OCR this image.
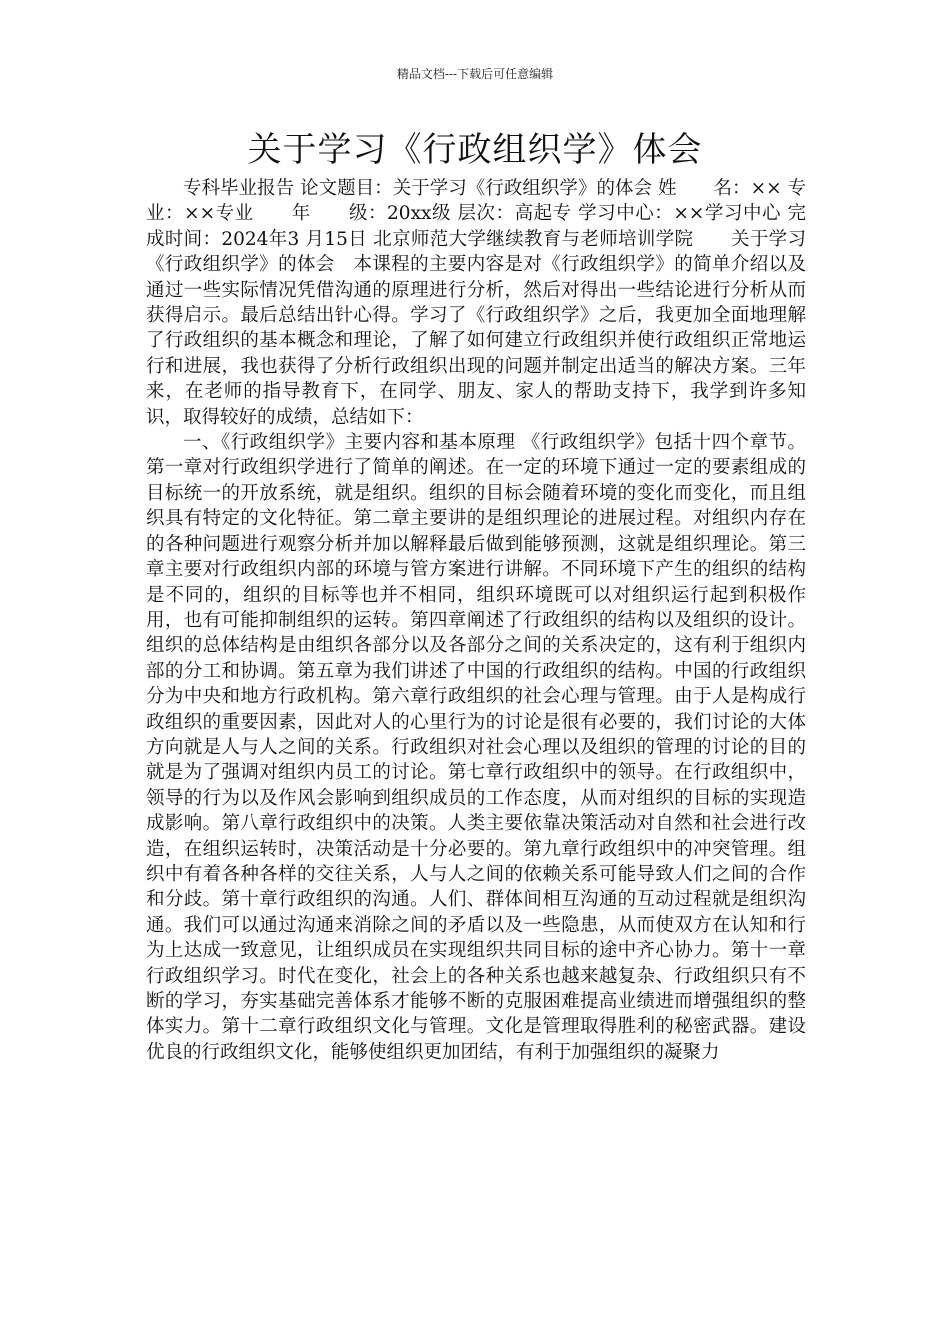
精品文档---下载后可任意编辑
关于学习《行政组织学》体会

专科毕业报告 论文题目：关于学习《行政组织学》的体会 姓　　名：×× 专　　业：××专业　　年　　级：20xx级 层次：高起专 学习中心：××学习中心 完成时间：2024年3 月15日 北京师范大学继续教育与老师培训学院　　关于学习《行政组织学》的体会　本课程的主要内容是对《行政组织学》的简单介绍以及通过一些实际情况凭借沟通的原理进行分析，然后对得出一些结论进行分析从而获得启示。最后总结出针心得。学习了《行政组织学》之后，我更加全面地理解了行政组织的基本概念和理论，了解了如何建立行政组织并使行政组织正常地运行和进展，我也获得了分析行政组织出现的问题并制定出适当的解决方案。三年来，在老师的指导教育下，在同学、朋友、家人的帮助支持下，我学到许多知识，取得较好的成绩，总结如下：

一、《行政组织学》主要内容和基本原理 《行政组织学》包括十四个章节。第一章对行政组织学进行了简单的阐述。在一定的环境下通过一定的要素组成的目标统一的开放系统，就是组织。组织的目标会随着环境的变化而变化，而且组织具有特定的文化特征。第二章主要讲的是组织理论的进展过程。对组织内存在的各种问题进行观察分析并加以解释最后做到能够预测，这就是组织理论。第三章主要对行政组织内部的环境与管方案进行讲解。不同环境下产生的组织的结构是不同的，组织的目标等也并不相同，组织环境既可以对组织运行起到积极作用，也有可能抑制组织的运转。第四章阐述了行政组织的结构以及组织的设计。组织的总体结构是由组织各部分以及各部分之间的关系决定的，这有利于组织内部的分工和协调。第五章为我们讲述了中国的行政组织的结构。中国的行政组织分为中央和地方行政机构。第六章行政组织的社会心理与管理。由于人是构成行政组织的重要因素，因此对人的心里行为的讨论是很有必要的，我们讨论的大体方向就是人与人之间的关系。行政组织对社会心理以及组织的管理的讨论的目的就是为了强调对组织内员工的讨论。第七章行政组织中的领导。在行政组织中，领导的行为以及作风会影响到组织成员的工作态度，从而对组织的目标的实现造成影响。第八章行政组织中的决策。人类主要依靠决策活动对自然和社会进行改造，在组织运转时，决策活动是十分必要的。第九章行政组织中的冲突管理。组织中有着各种各样的交往关系，人与人之间的依赖关系可能导致人们之间的合作和分歧。第十章行政组织的沟通。人们、群体间相互沟通的互动过程就是组织沟通。我们可以通过沟通来消除之间的矛盾以及一些隐患，从而使双方在认知和行为上达成一致意见，让组织成员在实现组织共同目标的途中齐心协力。第十一章行政组织学习。时代在变化，社会上的各种关系也越来越复杂、行政组织只有不断的学习，夯实基础完善体系才能够不断的克服困难提高业绩进而增强组织的整体实力。第十二章行政组织文化与管理。文化是管理取得胜利的秘密武器。建设优良的行政组织文化，能够使组织更加团结，有利于加强组织的凝聚力
